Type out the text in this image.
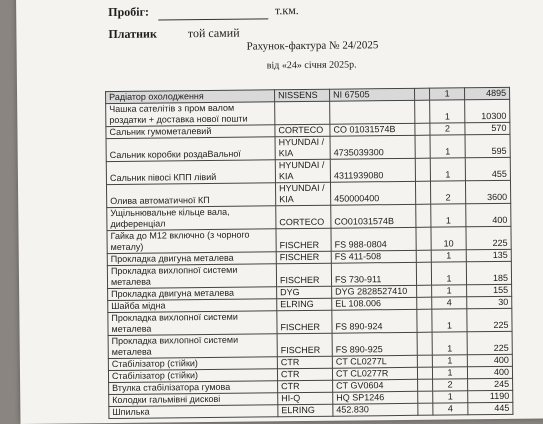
Пробіг:	т.км.
Платник	той самий
Рахунок-фактура № 24/2025
від «24» січня 2025р.
Радіатор охолодження	NISSENS	NI 67505		1	4895
Чашка сателітів з пром валом роздатки + доставка нової пошти				1	10300
Сальник гумометалевий	CORTECO	CO 01031574B		2	570
Сальник коробки роздаВальної	HYUNDAI / KIA	4735039300		1	595
Сальник півосі КПП лівий	HYUNDAI / KIA	4311939080		1	455
Олива автоматичної КП	HYUNDAI / KIA	450000400		2	3600
Ущільнювальне кільце вала, диференціал	CORTECO	CO01031574B		1	400
Гайка до М12 включно (з чорного металу)	FISCHER	FS 988-0804		10	225
Прокладка двигуна металева	FISCHER	FS 411-508		1	135
Прокладка вихлопної системи металева	FISCHER	FS 730-911		1	185
Прокладка двигуна металева	DYG	DYG 2828527410		1	155
Шайба мідна	ELRING	EL 108.006		4	30
Прокладка вихлопної системи металева	FISCHER	FS 890-924		1	225
Прокладка вихлопної системи металева	FISCHER	FS 890-925		1	225
Стабілізатор (стійки)	CTR	CT CL0277L		1	400
Стабілізатор (стійки)	CTR	CT CL0277R		1	400
Втулка стабілізатора гумова	CTR	CT GV0604		2	245
Колодки гальмівні дискові	HI-Q	HQ SP1246		1	1190
Шпилька	ELRING	452.830		4	445
